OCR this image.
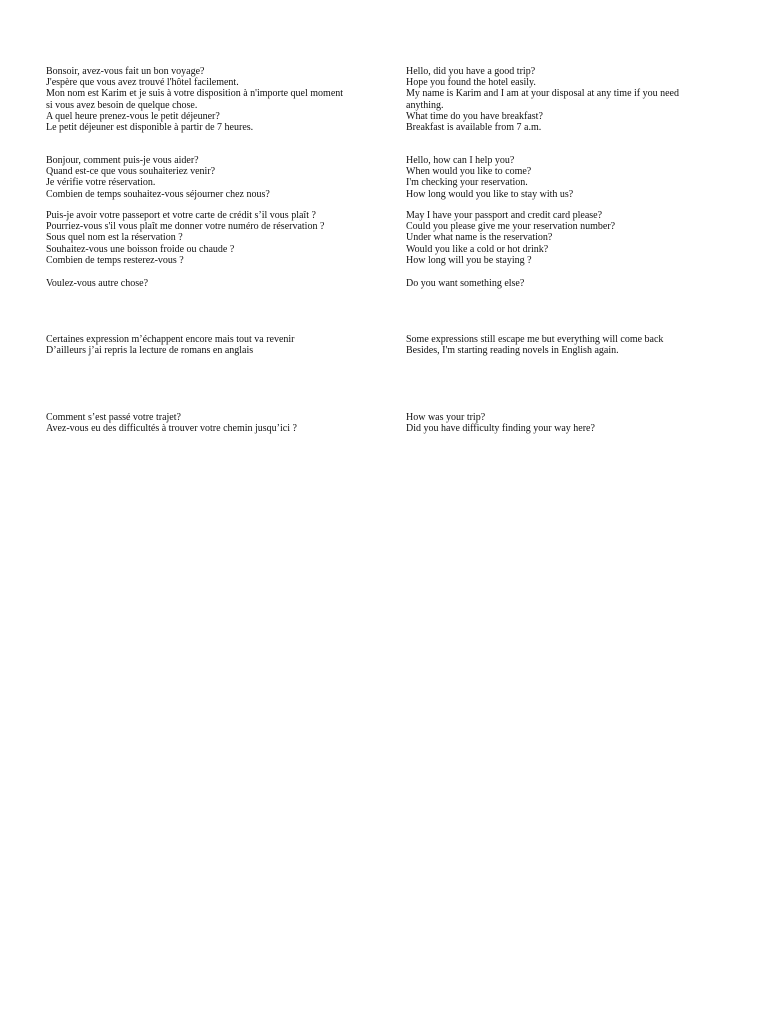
Bonsoir, avez-vous fait un bon voyage?
J'espère que vous avez trouvé l'hôtel facilement.
Mon nom est Karim et je suis à votre disposition à n'importe quel moment
si vous avez besoin de quelque chose.
A quel heure prenez-vous le petit déjeuner?
Le petit déjeuner est disponible à partir de 7 heures.
Bonjour, comment puis-je vous aider?
Quand est-ce que vous souhaiteriez venir?
Je vérifie votre réservation.
Combien de temps souhaitez-vous séjourner chez nous?
Puis-je avoir votre passeport et votre carte de crédit s’il vous plaît ?
Pourriez-vous s'il vous plaît me donner votre numéro de réservation ?
Sous quel nom est la réservation ?
Souhaitez-vous une boisson froide ou chaude ?
Combien de temps resterez-vous ?
Voulez-vous autre chose?
Certaines expression m’échappent encore mais tout va revenir
D’ailleurs j’ai repris la lecture de romans en anglais
Comment s’est passé votre trajet?
Avez-vous eu des difficultés à trouver votre chemin jusqu’ici ?
Hello, did you have a good trip?
Hope you found the hotel easily.
My name is Karim and I am at your disposal at any time if you need anything.
What time do you have breakfast?
Breakfast is available from 7 a.m.
Hello, how can I help you?
When would you like to come?
I'm checking your reservation.
How long would you like to stay with us?
May I have your passport and credit card please?
Could you please give me your reservation number?
Under what name is the reservation?
Would you like a cold or hot drink?
How long will you be staying ?
Do you want something else?
Some expressions still escape me but everything will come back
Besides, I'm starting reading novels in English again.
How was your trip?
Did you have difficulty finding your way here?
